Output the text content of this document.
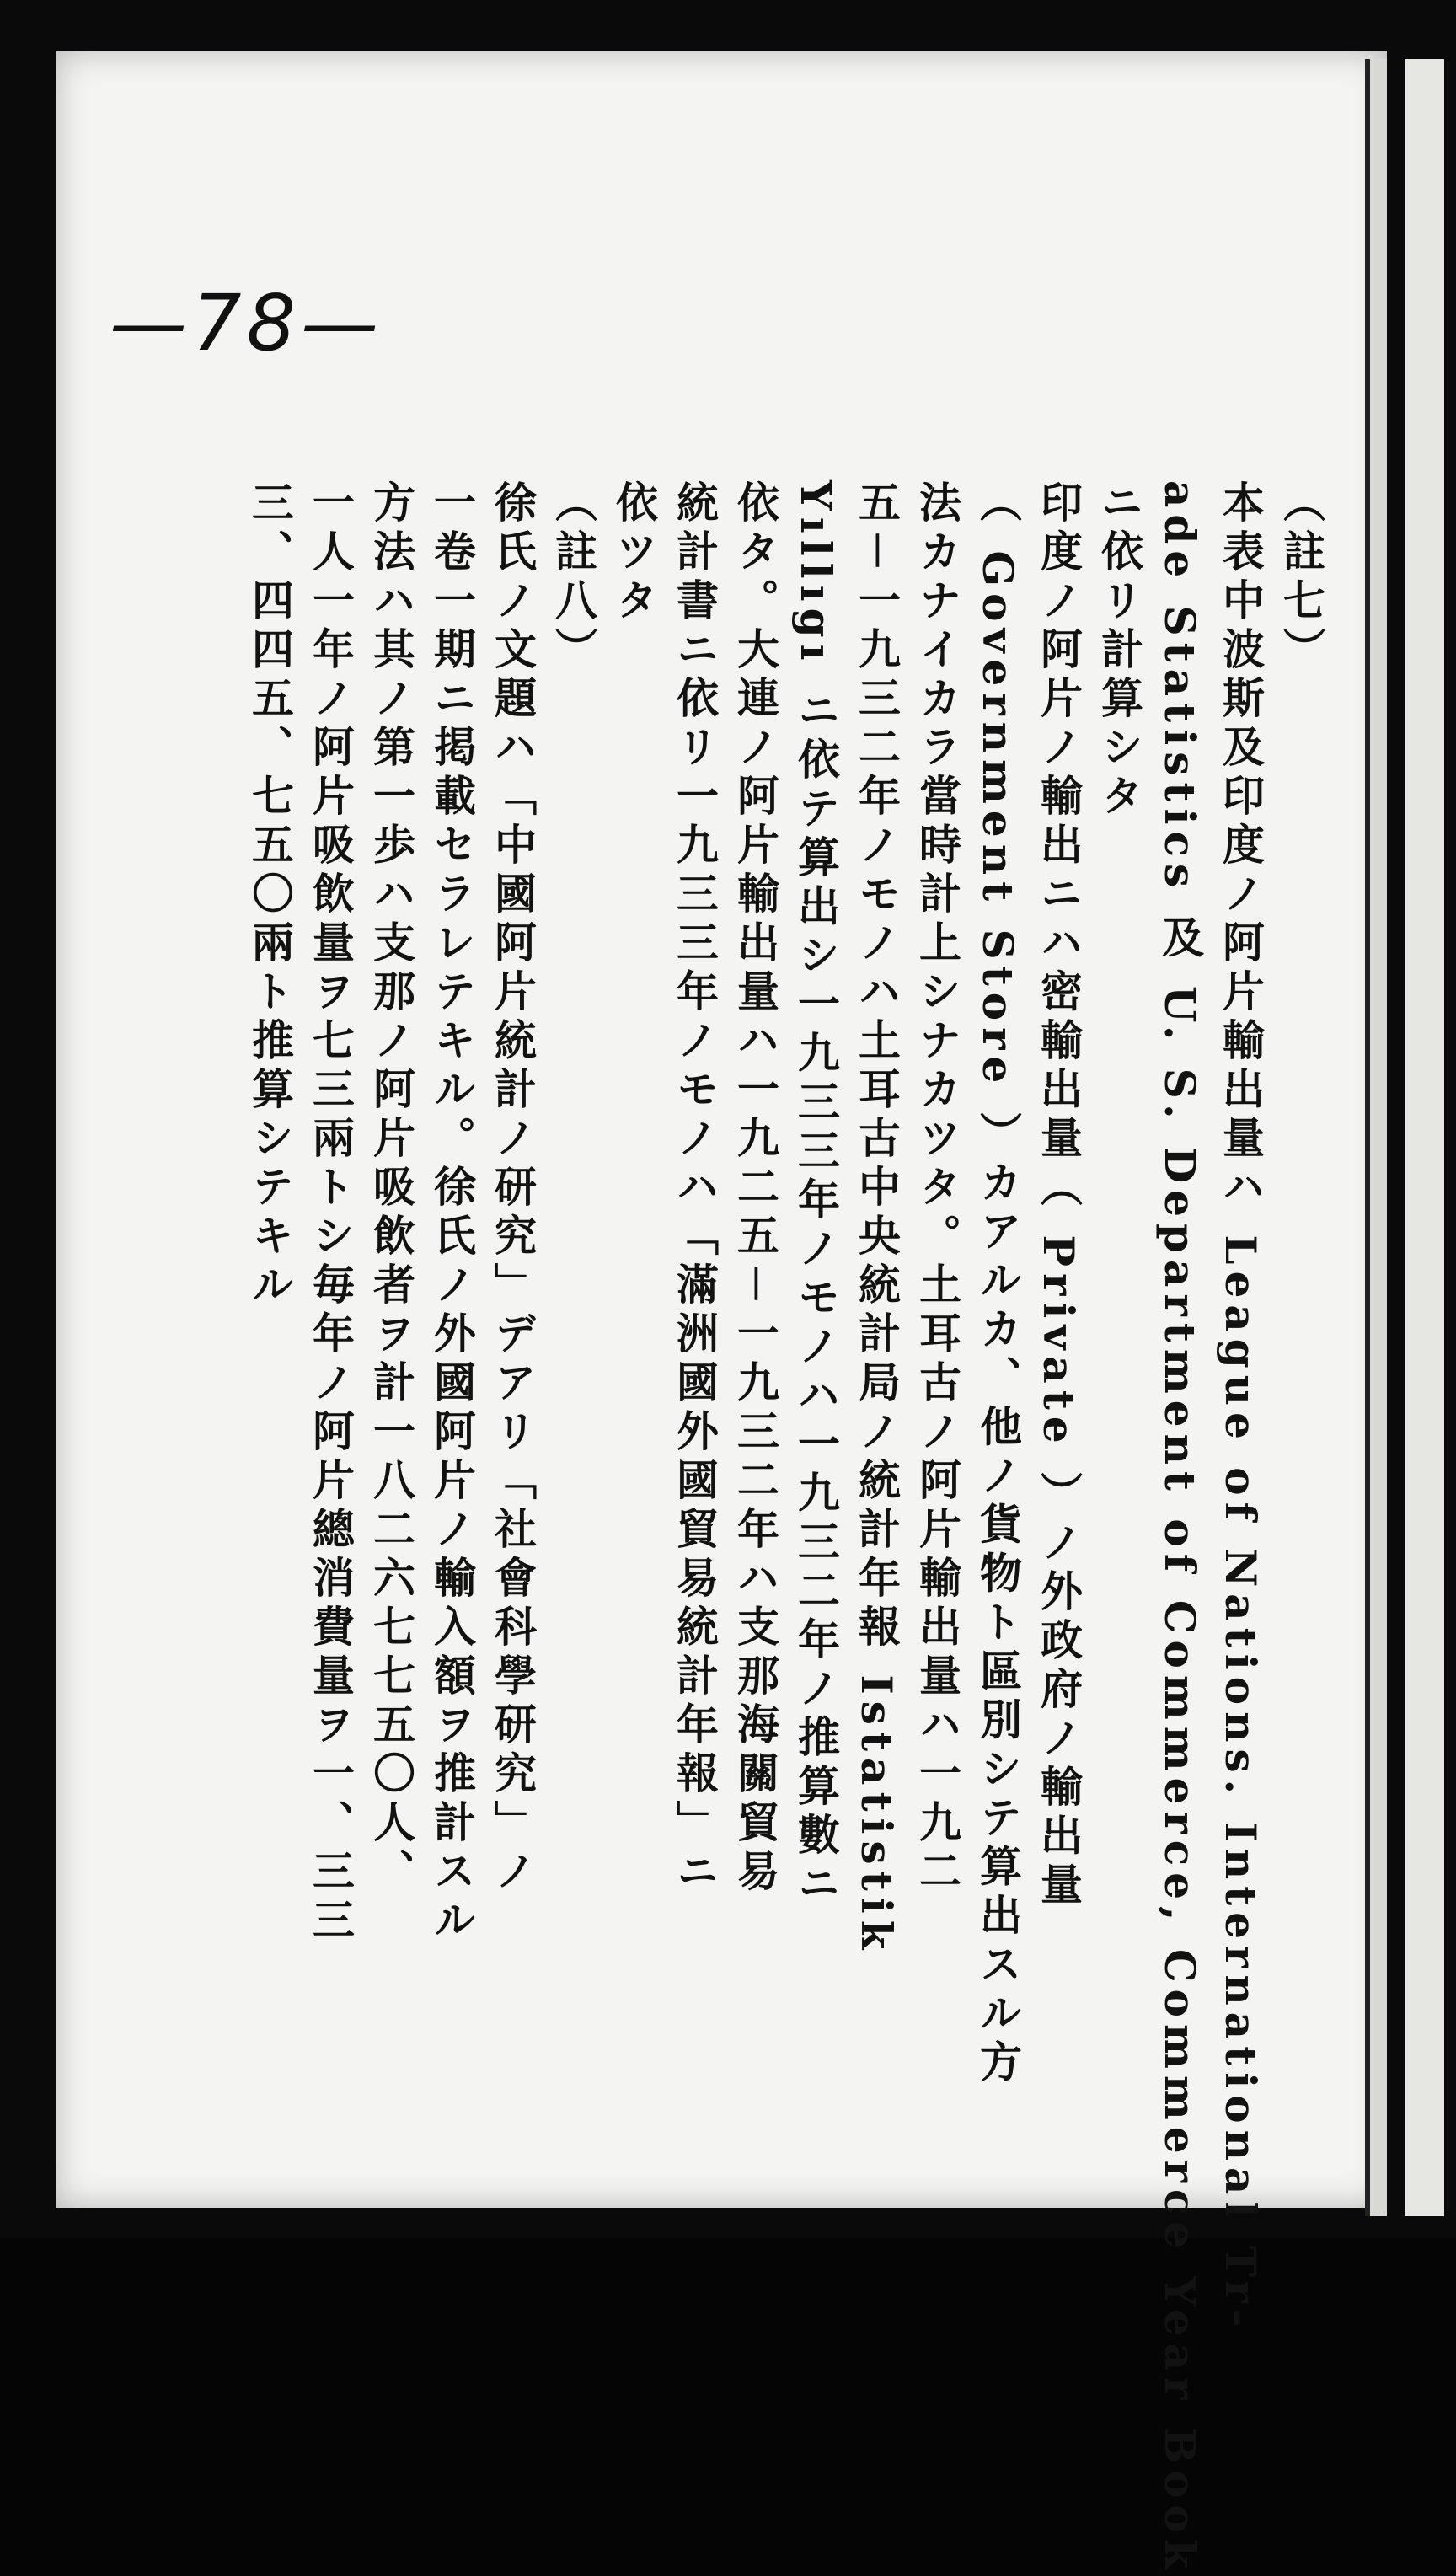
—78—
（註七）
本表中波斯及印度ノ阿片輸出量ハ League of Nations. International Tr-
ade Statistics 及 U. S. Department of Commerce, Commerce Year Book
ニ依リ計算シタ
印度ノ阿片ノ輸出ニハ密輸出量（ Private ）ノ外政府ノ輸出量
（ Government Store ）カアルカ、他ノ貨物ト區別シテ算出スル方
法カナイカラ當時計上シナカツタ。土耳古ノ阿片輸出量ハ一九二
五－一九三二年ノモノハ土耳古中央統計局ノ統計年報 Istatistik
Yıllıgı ニ依テ算出シ一九三三年ノモノハ一九三二年ノ推算數ニ
依タ。大連ノ阿片輸出量ハ一九二五－一九三二年ハ支那海關貿易
統計書ニ依リ一九三三年ノモノハ「滿洲國外國貿易統計年報」ニ
依ツタ
（註八）
徐氏ノ文題ハ「中國阿片統計ノ研究」デアリ「社會科學研究」ノ
一卷一期ニ掲載セラレテキル。徐氏ノ外國阿片ノ輸入額ヲ推計スル
方法ハ其ノ第一歩ハ支那ノ阿片吸飲者ヲ計一八二六七七五〇人、
一人一年ノ阿片吸飲量ヲ七三兩トシ毎年ノ阿片總消費量ヲ一、三三
三、四四五、七五〇兩ト推算シテキル
